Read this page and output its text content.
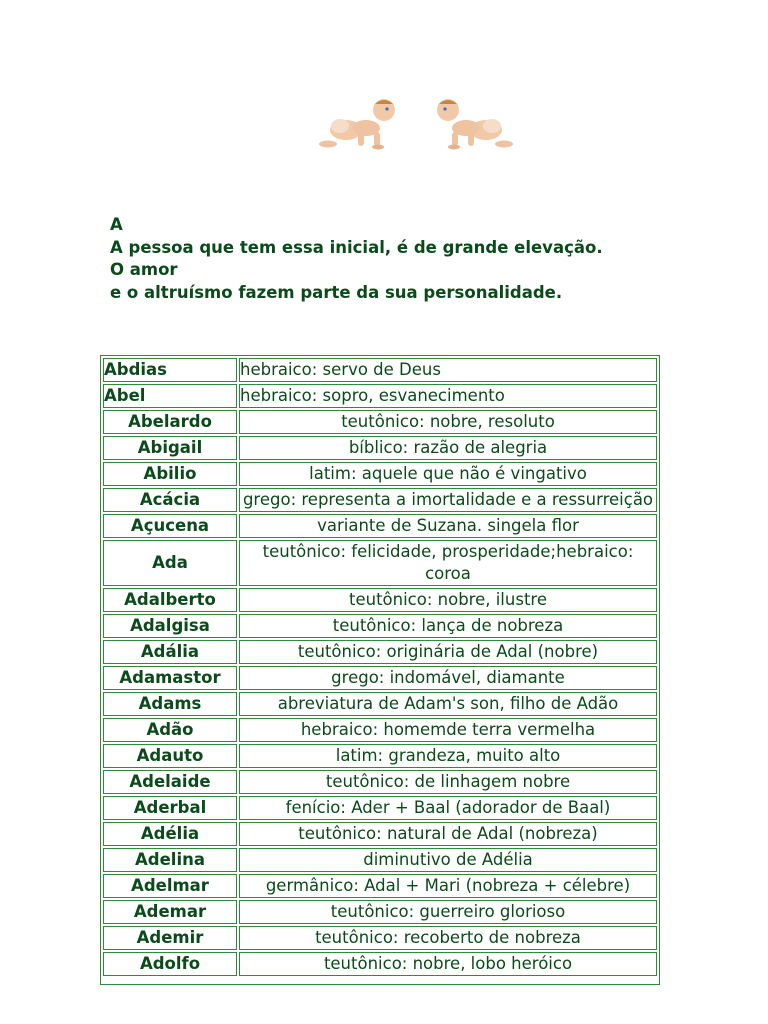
A
A pessoa que tem essa inicial, é de grande elevação.
O amor
e o altruísmo fazem parte da sua personalidade.
Abdias	hebraico: servo de Deus
Abel	hebraico: sopro, esvanecimento
Abelardo	teutônico: nobre, resoluto
Abigail	bíblico: razão de alegria
Abilio	latim: aquele que não é vingativo
Acácia	grego: representa a imortalidade e a ressurreição
Açucena	variante de Suzana. singela flor
Ada	teutônico: felicidade, prosperidade;hebraico: coroa
Adalberto	teutônico: nobre, ilustre
Adalgisa	teutônico: lança de nobreza
Adália	teutônico: originária de Adal (nobre)
Adamastor	grego: indomável, diamante
Adams	abreviatura de Adam's son, filho de Adão
Adão	hebraico: homemde terra vermelha
Adauto	latim: grandeza, muito alto
Adelaide	teutônico: de linhagem nobre
Aderbal	fenício: Ader + Baal (adorador de Baal)
Adélia	teutônico: natural de Adal (nobreza)
Adelina	diminutivo de Adélia
Adelmar	germânico: Adal + Mari (nobreza + célebre)
Ademar	teutônico: guerreiro glorioso
Ademir	teutônico: recoberto de nobreza
Adolfo	teutônico: nobre, lobo heróico
